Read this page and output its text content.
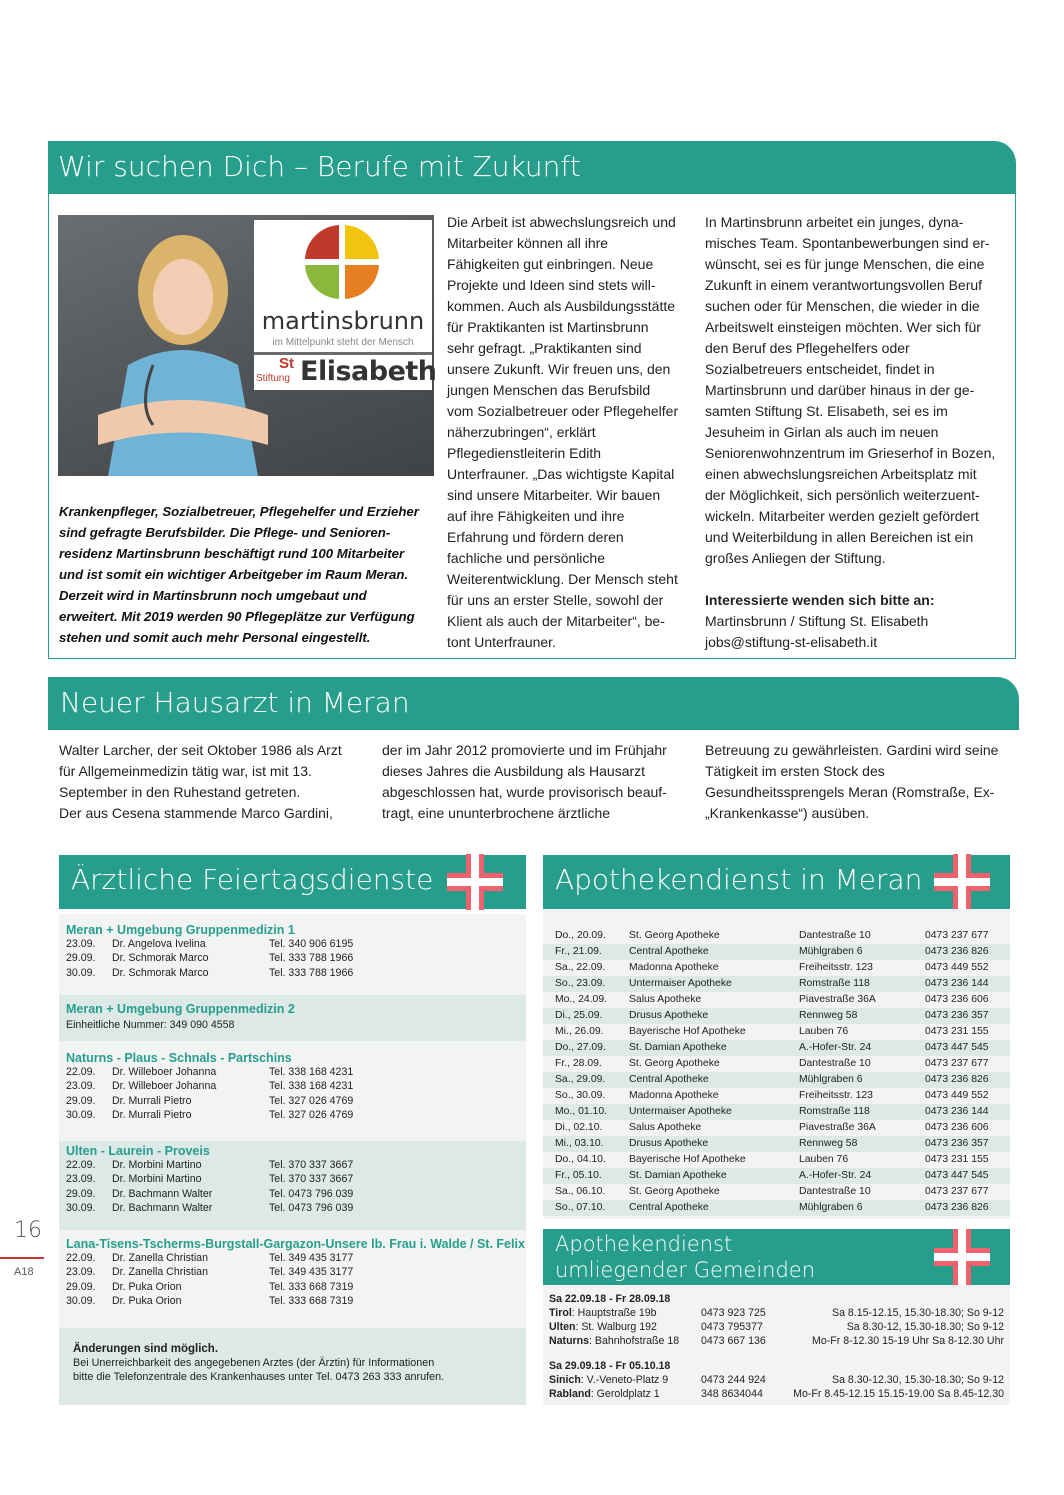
Wir suchen Dich – Berufe mit Zukunft
martinsbrunn
im Mittelpunkt steht der Mensch
St
Stiftung Elisabeth
Krankenpfleger, Sozialbetreuer, Pflegehelfer und Erzieher
sind gefragte Berufsbilder. Die Pflege- und Senioren-
residenz Martinsbrunn beschäftigt rund 100 Mitarbeiter
und ist somit ein wichtiger Arbeitgeber im Raum Meran.
Derzeit wird in Martinsbrunn noch umgebaut und
erweitert. Mit 2019 werden 90 Pflegeplätze zur Verfügung
stehen und somit auch mehr Personal eingestellt.
Die Arbeit ist abwechslungsreich und
Mitarbeiter können all ihre
Fähigkeiten gut einbringen. Neue
Projekte und Ideen sind stets will-
kommen. Auch als Ausbildungsstätte
für Praktikanten ist Martinsbrunn
sehr gefragt. „Praktikanten sind
unsere Zukunft. Wir freuen uns, den
jungen Menschen das Berufsbild
vom Sozialbetreuer oder Pflegehelfer
näherzubringen“, erklärt
Pflegedienstleiterin Edith
Unterfrauner. „Das wichtigste Kapital
sind unsere Mitarbeiter. Wir bauen
auf ihre Fähigkeiten und ihre
Erfahrung und fördern deren
fachliche und persönliche
Weiterentwicklung. Der Mensch steht
für uns an erster Stelle, sowohl der
Klient als auch der Mitarbeiter“, be-
tont Unterfrauner.
In Martinsbrunn arbeitet ein junges, dyna-
misches Team. Spontanbewerbungen sind er-
wünscht, sei es für junge Menschen, die eine
Zukunft in einem verantwortungsvollen Beruf
suchen oder für Menschen, die wieder in die
Arbeitswelt einsteigen möchten. Wer sich für
den Beruf des Pflegehelfers oder
Sozialbetreuers entscheidet, findet in
Martinsbrunn und darüber hinaus in der ge-
samten Stiftung St. Elisabeth, sei es im
Jesuheim in Girlan als auch im neuen
Seniorenwohnzentrum im Grieserhof in Bozen,
einen abwechslungsreichen Arbeitsplatz mit
der Möglichkeit, sich persönlich weiterzuent-
wickeln. Mitarbeiter werden gezielt gefördert
und Weiterbildung in allen Bereichen ist ein
großes Anliegen der Stiftung.
Interessierte wenden sich bitte an:
Martinsbrunn / Stiftung St. Elisabeth
jobs@stiftung-st-elisabeth.it
Neuer Hausarzt in Meran
Walter Larcher, der seit Oktober 1986 als Arzt
für Allgemeinmedizin tätig war, ist mit 13.
September in den Ruhestand getreten.
Der aus Cesena stammende Marco Gardini,
der im Jahr 2012 promovierte und im Frühjahr
dieses Jahres die Ausbildung als Hausarzt
abgeschlossen hat, wurde provisorisch beauf-
tragt, eine ununterbrochene ärztliche
Betreuung zu gewährleisten. Gardini wird seine
Tätigkeit im ersten Stock des
Gesundheitssprengels Meran (Romstraße, Ex-
„Krankenkasse“) ausüben.
Ärztliche Feiertagsdienste
Meran + Umgebung Gruppenmedizin 1
23.09.	Dr. Angelova Ivelina	Tel. 340 906 6195
29.09.	Dr. Schmorak Marco	Tel. 333 788 1966
30.09.	Dr. Schmorak Marco	Tel. 333 788 1966
Meran + Umgebung Gruppenmedizin 2
Einheitliche Nummer: 349 090 4558
Naturns - Plaus - Schnals - Partschins
22.09.	Dr. Willeboer Johanna	Tel. 338 168 4231
23.09.	Dr. Willeboer Johanna	Tel. 338 168 4231
29.09.	Dr. Murrali Pietro	Tel. 327 026 4769
30.09.	Dr. Murrali Pietro	Tel. 327 026 4769
Ulten - Laurein - Proveis
22.09.	Dr. Morbini Martino	Tel. 370 337 3667
23.09.	Dr. Morbini Martino	Tel. 370 337 3667
29.09.	Dr. Bachmann Walter	Tel. 0473 796 039
30.09.	Dr. Bachmann Walter	Tel. 0473 796 039
Lana-Tisens-Tscherms-Burgstall-Gargazon-Unsere lb. Frau i. Walde / St. Felix
22.09.	Dr. Zanella Christian	Tel. 349 435 3177
23.09.	Dr. Zanella Christian	Tel. 349 435 3177
29.09.	Dr. Puka Orion	Tel. 333 668 7319
30.09.	Dr. Puka Orion	Tel. 333 668 7319
Änderungen sind möglich.
Bei Unerreichbarkeit des angegebenen Arztes (der Ärztin) für Informationen
bitte die Telefonzentrale des Krankenhauses unter Tel. 0473 263 333 anrufen.
Apothekendienst in Meran
Do., 20.09.	St. Georg Apotheke	Dantestraße 10	0473 237 677
Fr., 21.09.	Central Apotheke	Mühlgraben 6	0473 236 826
Sa., 22.09.	Madonna Apotheke	Freiheitsstr. 123	0473 449 552
So., 23.09.	Untermaiser Apotheke	Romstraße 118	0473 236 144
Mo., 24.09.	Salus Apotheke	Piavestraße 36A	0473 236 606
Di., 25.09.	Drusus Apotheke	Rennweg 58	0473 236 357
Mi., 26.09.	Bayerische Hof Apotheke	Lauben 76	0473 231 155
Do., 27.09.	St. Damian Apotheke	A.-Hofer-Str. 24	0473 447 545
Fr., 28.09.	St. Georg Apotheke	Dantestraße 10	0473 237 677
Sa., 29.09.	Central Apotheke	Mühlgraben 6	0473 236 826
So., 30.09.	Madonna Apotheke	Freiheitsstr. 123	0473 449 552
Mo., 01.10.	Untermaiser Apotheke	Romstraße 118	0473 236 144
Di., 02.10.	Salus Apotheke	Piavestraße 36A	0473 236 606
Mi., 03.10.	Drusus Apotheke	Rennweg 58	0473 236 357
Do., 04.10.	Bayerische Hof Apotheke	Lauben 76	0473 231 155
Fr., 05.10.	St. Damian Apotheke	A.-Hofer-Str. 24	0473 447 545
Sa., 06.10.	St. Georg Apotheke	Dantestraße 10	0473 237 677
So., 07.10.	Central Apotheke	Mühlgraben 6	0473 236 826
Apothekendienst
umliegender Gemeinden
Sa 22.09.18 - Fr 28.09.18
Tirol: Hauptstraße 19b	0473 923 725	Sa 8.15-12.15, 15.30-18.30; So 9-12
Ulten: St. Walburg 192	0473 795377	Sa 8.30-12, 15.30-18.30; So 9-12
Naturns: Bahnhofstraße 18	0473 667 136	Mo-Fr 8-12.30 15-19 Uhr Sa 8-12.30 Uhr
Sa 29.09.18 - Fr 05.10.18
Sinich: V.-Veneto-Platz 9	0473 244 924	Sa 8.30-12.30, 15.30-18.30; So 9-12
Rabland: Geroldplatz 1	348 8634044	Mo-Fr 8.45-12.15 15.15-19.00 Sa 8.45-12.30
16
A18
